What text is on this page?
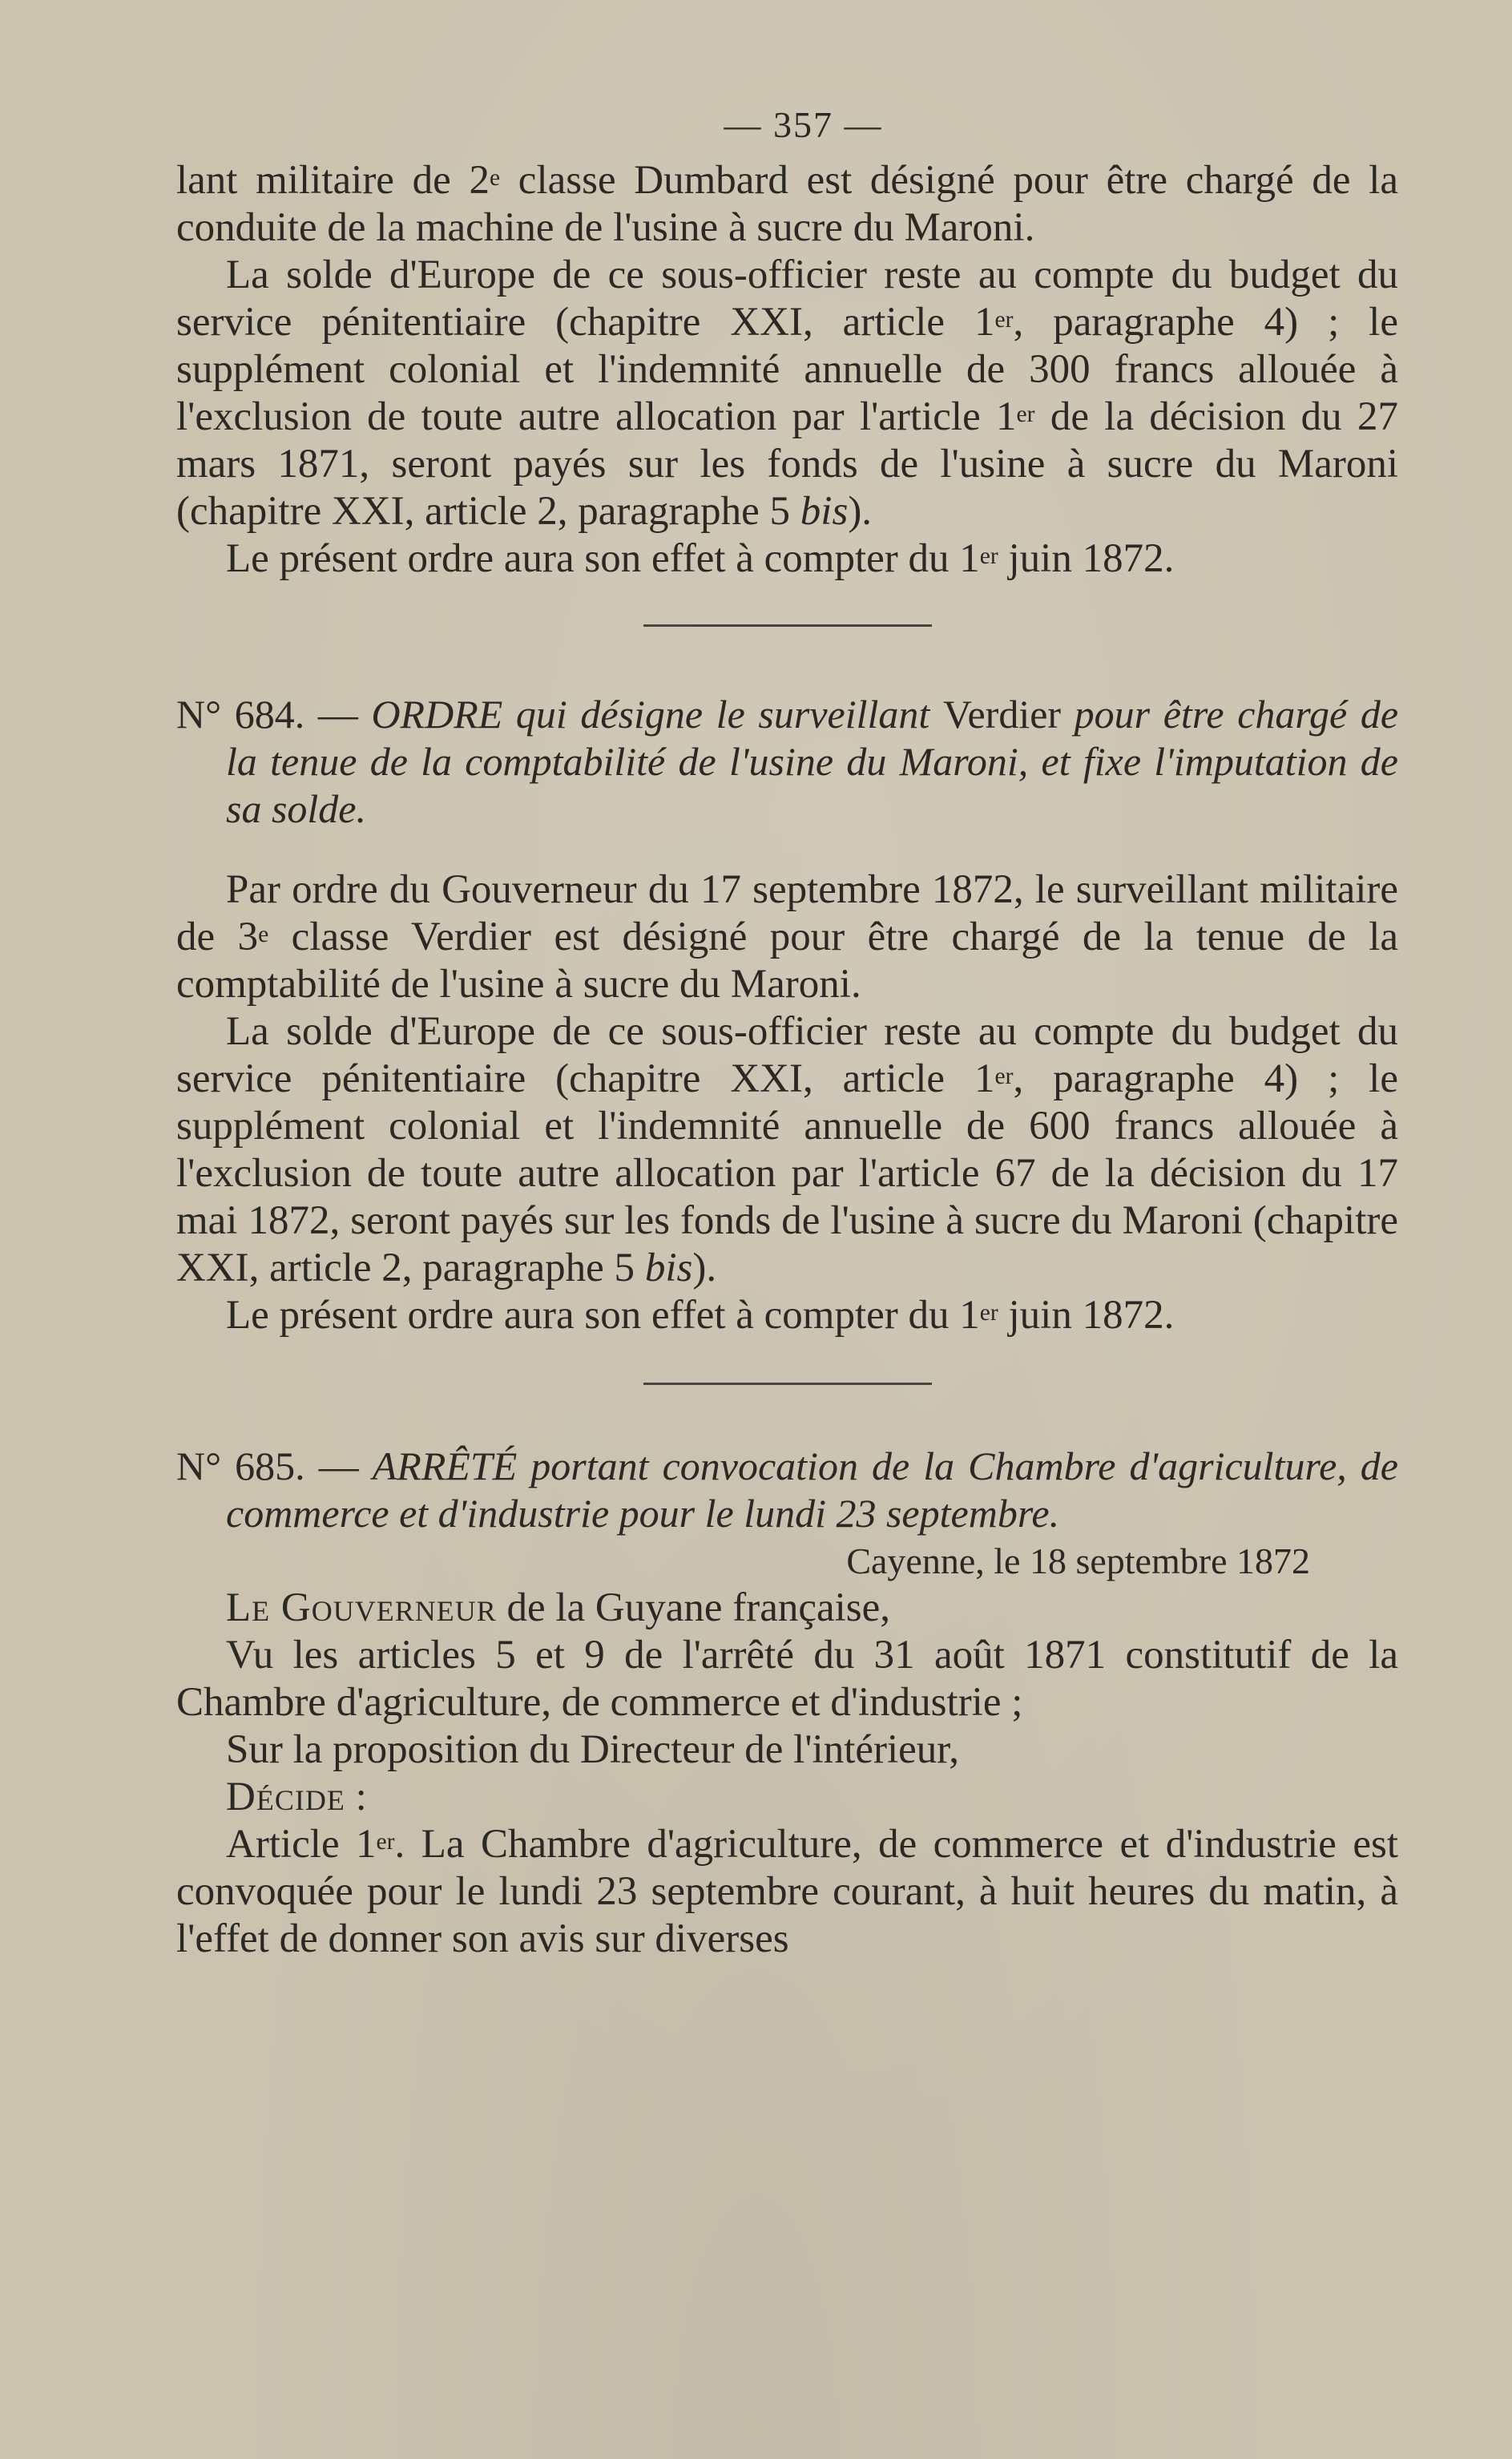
— 357 —

lant militaire de 2e classe Dumbard est désigné pour être chargé de la conduite de la machine de l'usine à sucre du Maroni.

La solde d'Europe de ce sous-officier reste au compte du budget du service pénitentiaire (chapitre XXI, article 1er, paragraphe 4) ; le supplément colonial et l'indemnité annuelle de 300 francs allouée à l'exclusion de toute autre allocation par l'article 1er de la décision du 27 mars 1871, seront payés sur les fonds de l'usine à sucre du Maroni (chapitre XXI, article 2, paragraphe 5 bis).

Le présent ordre aura son effet à compter du 1er juin 1872.

N° 684. — ORDRE qui désigne le surveillant Verdier pour être chargé de la tenue de la comptabilité de l'usine du Maroni, et fixe l'imputation de sa solde.

Par ordre du Gouverneur du 17 septembre 1872, le surveillant militaire de 3e classe Verdier est désigné pour être chargé de la tenue de la comptabilité de l'usine à sucre du Maroni.

La solde d'Europe de ce sous-officier reste au compte du budget du service pénitentiaire (chapitre XXI, article 1er, paragraphe 4) ; le supplément colonial et l'indemnité annuelle de 600 francs allouée à l'exclusion de toute autre allocation par l'article 67 de la décision du 17 mai 1872, seront payés sur les fonds de l'usine à sucre du Maroni (chapitre XXI, article 2, paragraphe 5 bis).

Le présent ordre aura son effet à compter du 1er juin 1872.

N° 685. — ARRÊTÉ portant convocation de la Chambre d'agriculture, de commerce et d'industrie pour le lundi 23 septembre.

Cayenne, le 18 septembre 1872

Le Gouverneur de la Guyane française,

Vu les articles 5 et 9 de l'arrêté du 31 août 1871 constitutif de la Chambre d'agriculture, de commerce et d'industrie ;

Sur la proposition du Directeur de l'intérieur,

Décide :

Article 1er. La Chambre d'agriculture, de commerce et d'industrie est convoquée pour le lundi 23 septembre courant, à huit heures du matin, à l'effet de donner son avis sur diverses
